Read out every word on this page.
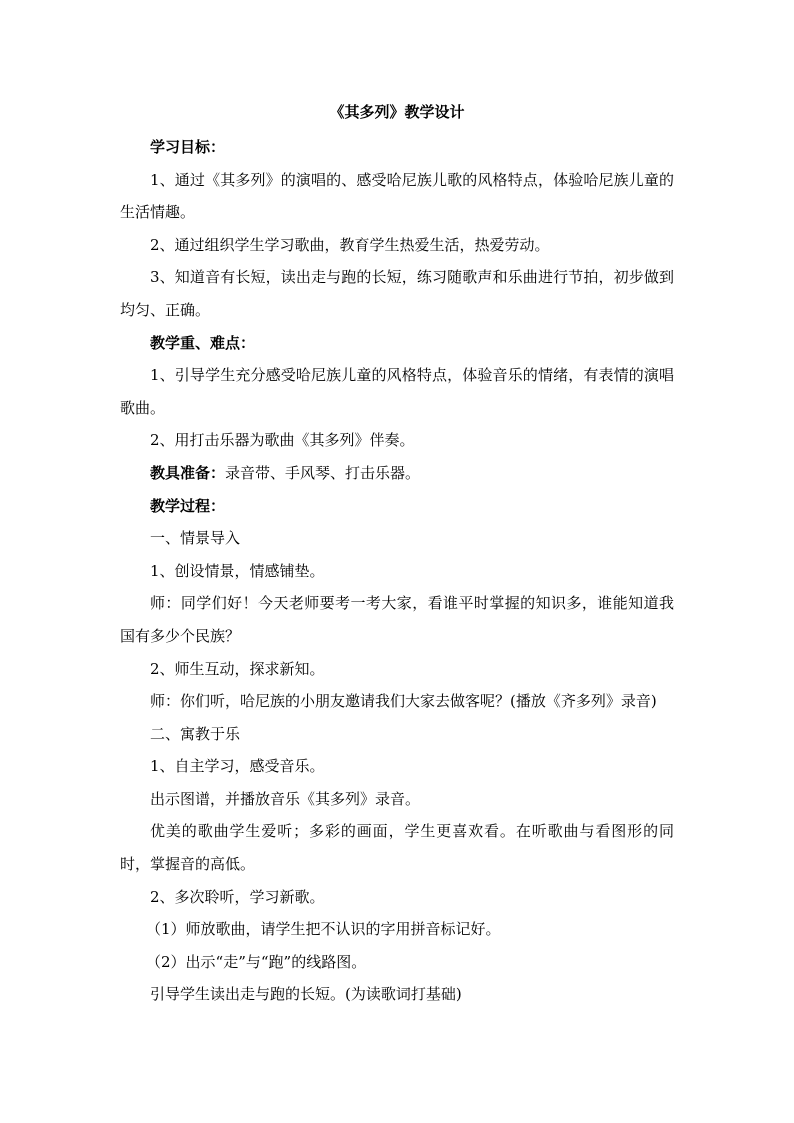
《其多列》教学设计

学习目标：

1、通过《其多列》的演唱的、感受哈尼族儿歌的风格特点，体验哈尼族儿童的生活情趣。

2、通过组织学生学习歌曲，教育学生热爱生活，热爱劳动。

3、知道音有长短，读出走与跑的长短，练习随歌声和乐曲进行节拍，初步做到均匀、正确。

教学重、难点：

1、引导学生充分感受哈尼族儿童的风格特点，体验音乐的情绪，有表情的演唱歌曲。

2、用打击乐器为歌曲《其多列》伴奏。

教具准备：录音带、手风琴、打击乐器。

教学过程：

一、情景导入

1、创设情景，情感铺垫。

师：同学们好！今天老师要考一考大家，看谁平时掌握的知识多，谁能知道我国有多少个民族？

2、师生互动，探求新知。

师：你们听，哈尼族的小朋友邀请我们大家去做客呢？(播放《齐多列》录音)

二、寓教于乐

1、自主学习，感受音乐。

出示图谱，并播放音乐《其多列》录音。

优美的歌曲学生爱听；多彩的画面，学生更喜欢看。在听歌曲与看图形的同时，掌握音的高低。

2、多次聆听，学习新歌。

（1）师放歌曲，请学生把不认识的字用拼音标记好。

（2）出示“走”与“跑”的线路图。

引导学生读出走与跑的长短。(为读歌词打基础)
